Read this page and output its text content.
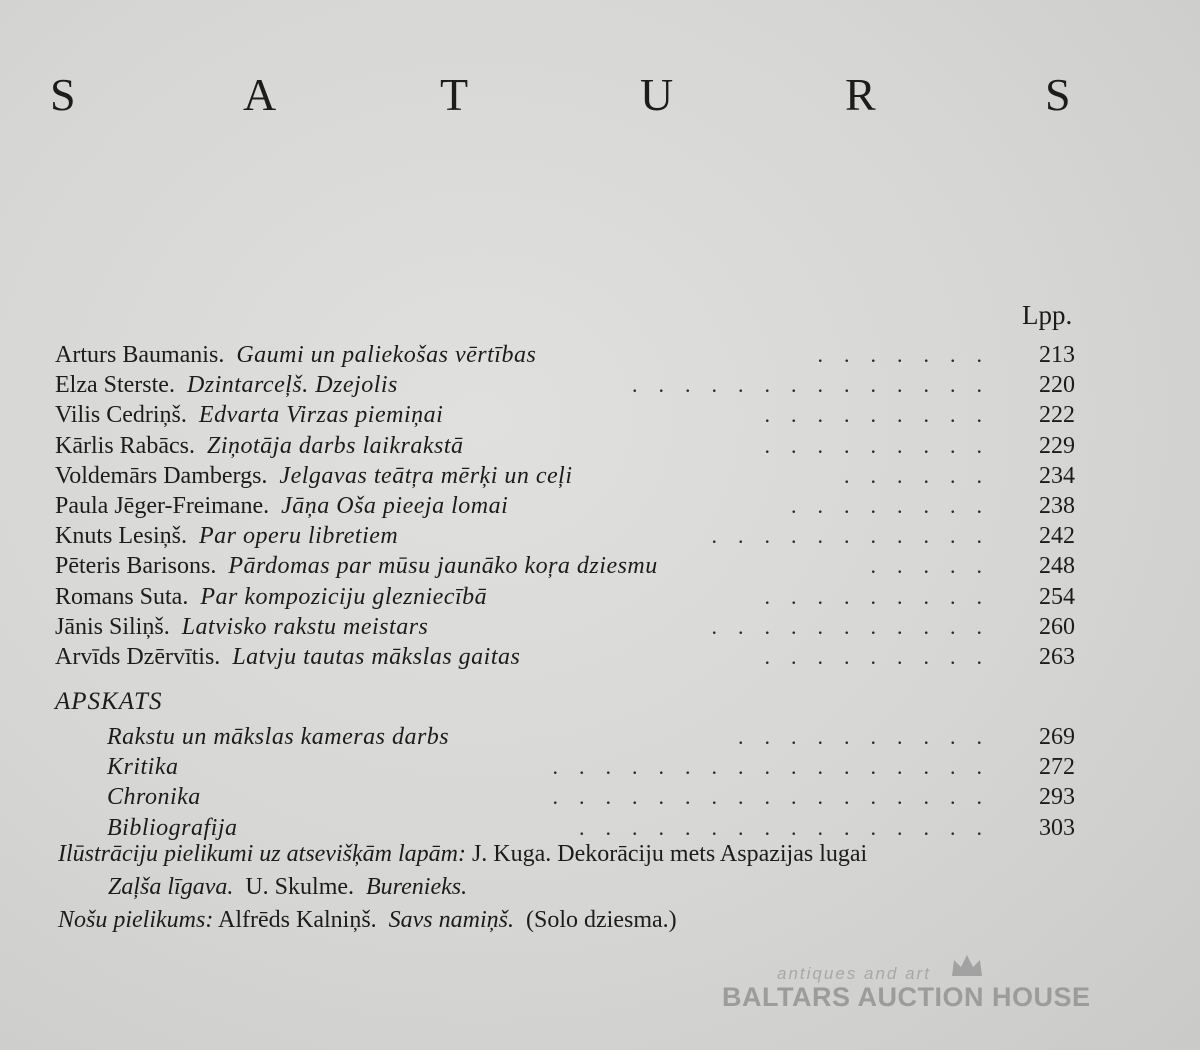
S	A	T	U	R	S
Lpp.
Arturs Baumanis. Gaumi un paliekošas vērtības	....... 213
Elza Sterste. Dzintarceļš. Dzejolis	.............. 220
Vilis Cedriņš. Edvarta Virzas piemiņai	......... 222
Kārlis Rabācs. Ziņotāja darbs laikrakstā	......... 229
Voldemārs Dambergs. Jelgavas teātŗa mērķi un ceļi	...... 234
Paula Jēger-Freimane. Jāņa Oša pieeja lomai	........ 238
Knuts Lesiņš. Par operu libretiem	........... 242
Pēteris Barisons. Pārdomas par mūsu jaunāko koŗa dziesmu	..... 248
Romans Suta. Par kompoziciju glezniecībā	......... 254
Jānis Siliņš. Latvisko rakstu meistars	........... 260
Arvīds Dzērvītis. Latvju tautas mākslas gaitas	......... 263
APSKATS
Rakstu un mākslas kameras darbs	.......... 269
Kritika	................. 272
Chronika	................. 293
Bibliografija	................ 303
Ilūstrāciju pielikumi uz atsevišķām lapām: J. Kuga. Dekorāciju mets Aspazijas lugai
Zaļša līgava. U. Skulme. Burenieks.
Nošu pielikums: Alfrēds Kalniņš. Savs namiņš. (Solo dziesma.)
antiques and art
BALTARS AUCTION HOUSE
